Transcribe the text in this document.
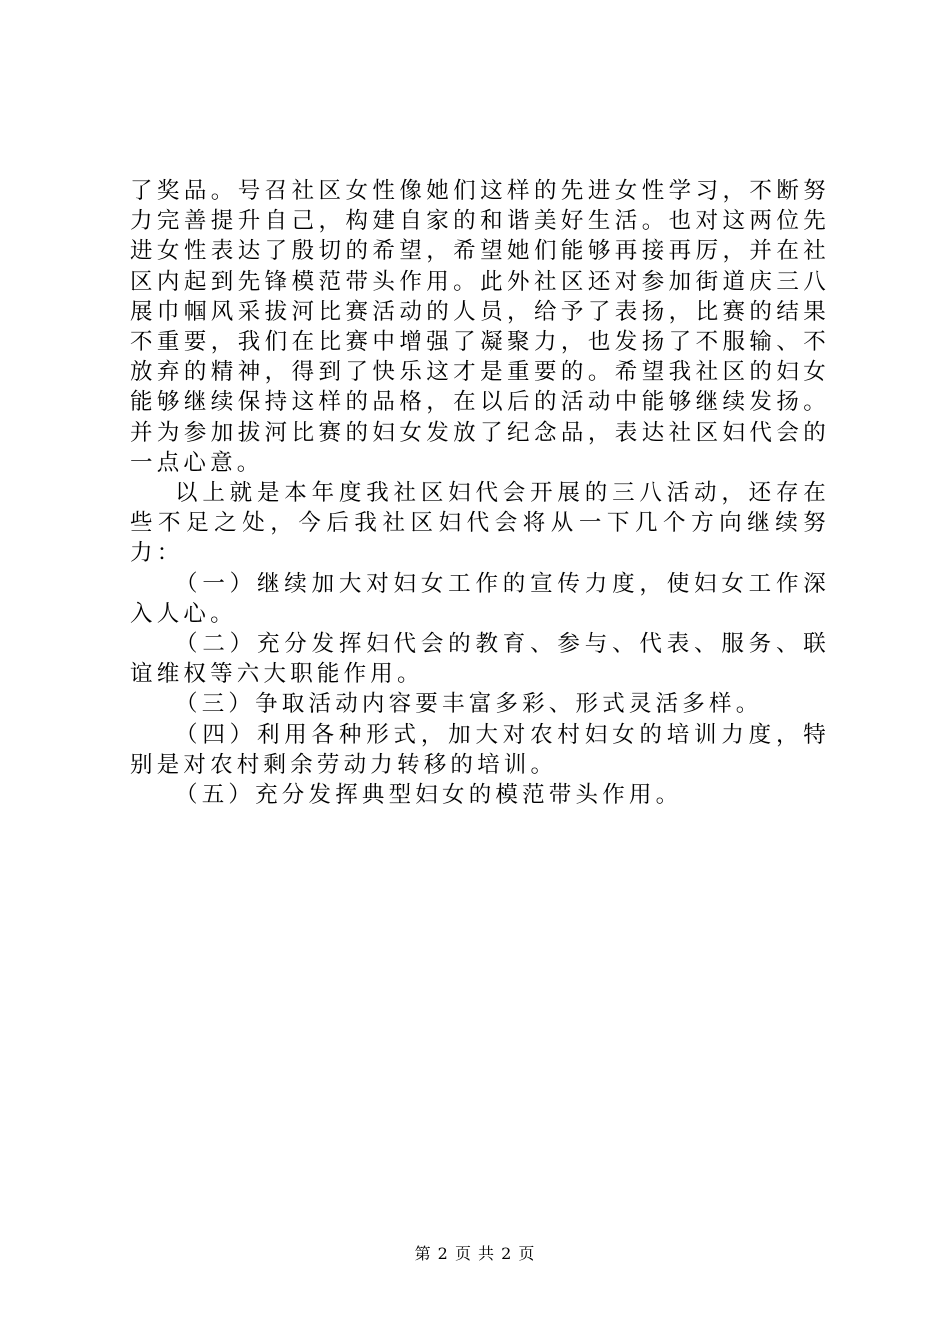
了奖品。号召社区女性像她们这样的先进女性学习，不断努力完善提升自己，构建自家的和谐美好生活。也对这两位先进女性表达了殷切的希望，希望她们能够再接再厉，并在社区内起到先锋模范带头作用。此外社区还对参加街道庆三八展巾帼风采拔河比赛活动的人员，给予了表扬，比赛的结果不重要，我们在比赛中增强了凝聚力，也发扬了不服输、不放弃的精神，得到了快乐这才是重要的。希望我社区的妇女能够继续保持这样的品格，在以后的活动中能够继续发扬。并为参加拔河比赛的妇女发放了纪念品，表达社区妇代会的一点心意。

以上就是本年度我社区妇代会开展的三八活动，还存在些不足之处，今后我社区妇代会将从一下几个方向继续努力：

（一）继续加大对妇女工作的宣传力度，使妇女工作深入人心。

（二）充分发挥妇代会的教育、参与、代表、服务、联谊维权等六大职能作用。

（三）争取活动内容要丰富多彩、形式灵活多样。

（四）利用各种形式，加大对农村妇女的培训力度，特别是对农村剩余劳动力转移的培训。

（五）充分发挥典型妇女的模范带头作用。

第 2 页 共 2 页
